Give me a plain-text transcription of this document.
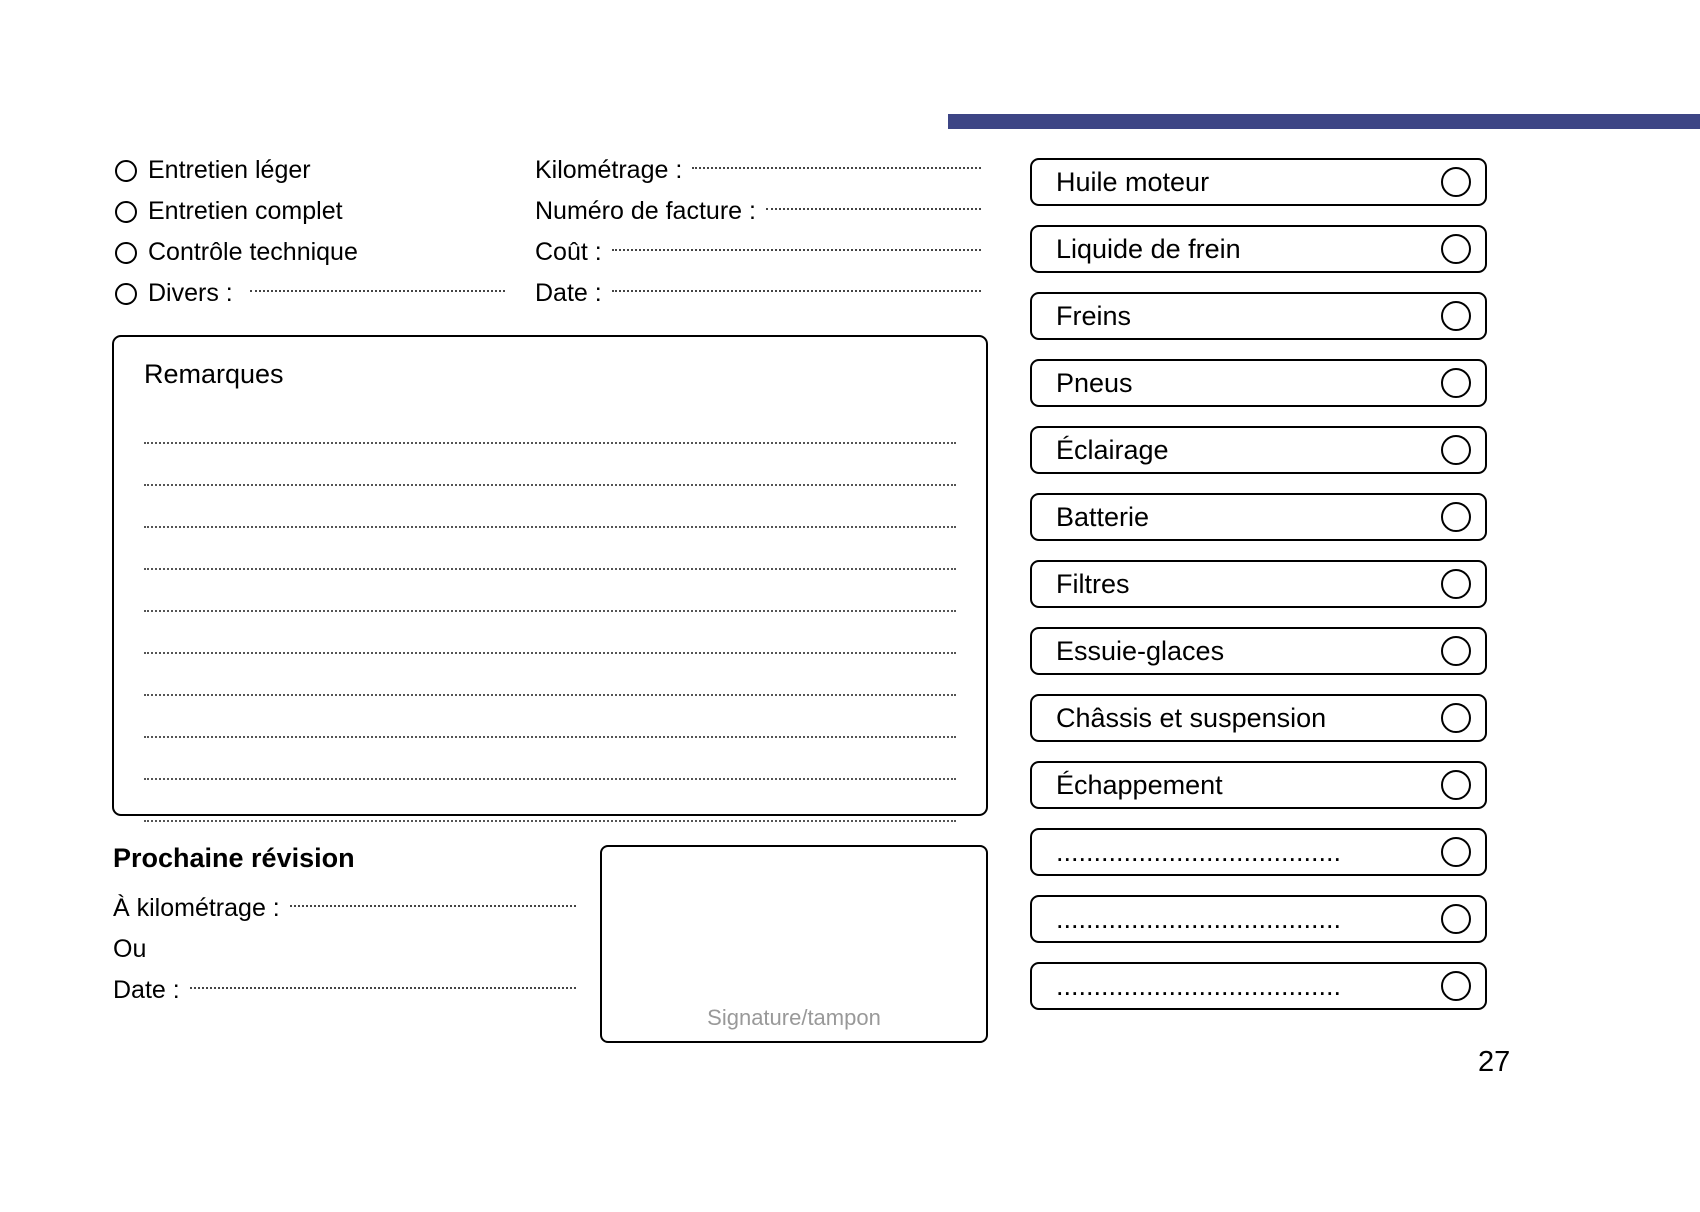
Entretien léger
Entretien complet
Contrôle technique
Divers :
Kilométrage :
Numéro de facture :
Coût :
Date :
Remarques
Prochaine révision
À kilométrage :
Ou
Date :
Signature/tampon
Huile moteur
Liquide de frein
Freins
Pneus
Éclairage
Batterie
Filtres
Essuie-glaces
Châssis et suspension
Échappement
......................................
......................................
......................................
27
